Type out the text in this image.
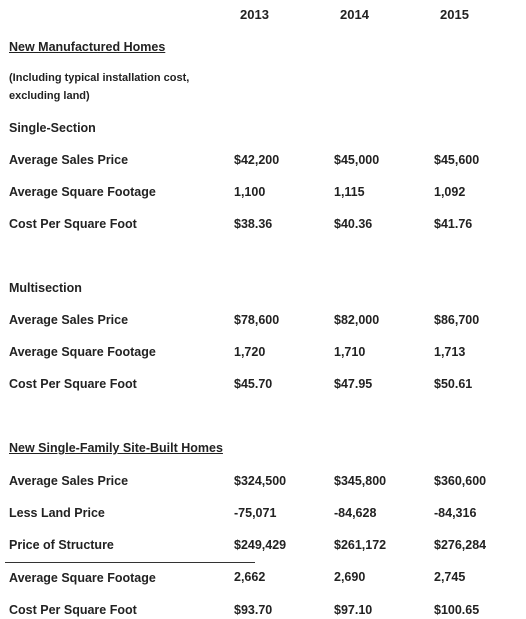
2013	2014	2015
New Manufactured Homes
(Including typical installation cost,
excluding land)
Single-Section
Average Sales Price	$42,200	$45,000	$45,600
Average Square Footage	1,100	1,115	1,092
Cost Per Square Foot	$38.36	$40.36	$41.76
Multisection
Average Sales Price	$78,600	$82,000	$86,700
Average Square Footage	1,720	1,710	1,713
Cost Per Square Foot	$45.70	$47.95	$50.61
New Single-Family Site-Built Homes
Average Sales Price	$324,500	$345,800	$360,600
Less Land Price	-75,071	-84,628	-84,316
Price of Structure	$249,429	$261,172	$276,284
Average Square Footage	2,662	2,690	2,745
Cost Per Square Foot	$93.70	$97.10	$100.65
